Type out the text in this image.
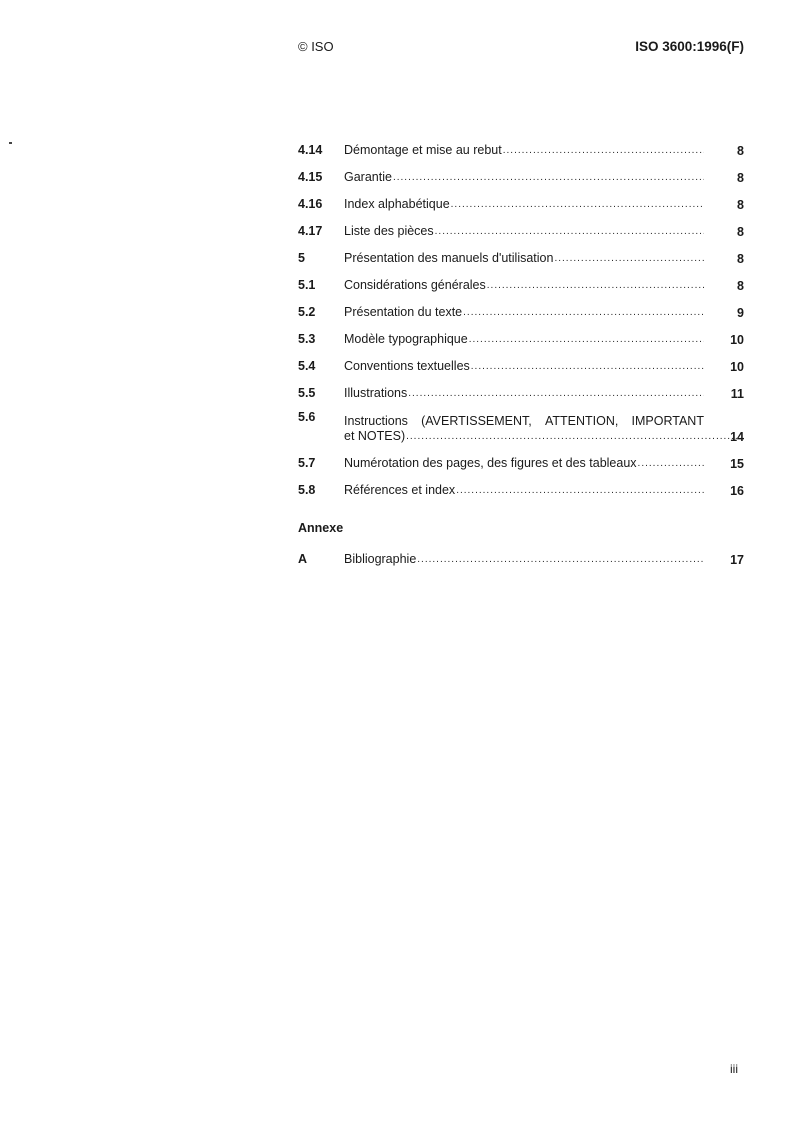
© ISO	ISO 3600:1996(F)
4.14	Démontage et mise au rebut .....	8
4.15	Garantie .....	8
4.16	Index alphabétique .....	8
4.17	Liste des pièces .....	8
5	Présentation des manuels d'utilisation .....	8
5.1	Considérations générales .....	8
5.2	Présentation du texte .....	9
5.3	Modèle typographique .....	10
5.4	Conventions textuelles .....	10
5.5	Illustrations .....	11
5.6	Instructions (AVERTISSEMENT, ATTENTION, IMPORTANT
et NOTES) .....	14
5.7	Numérotation des pages, des figures et des tableaux .....	15
5.8	Références et index .....	16
Annexe
A	Bibliographie .....	17
iii
